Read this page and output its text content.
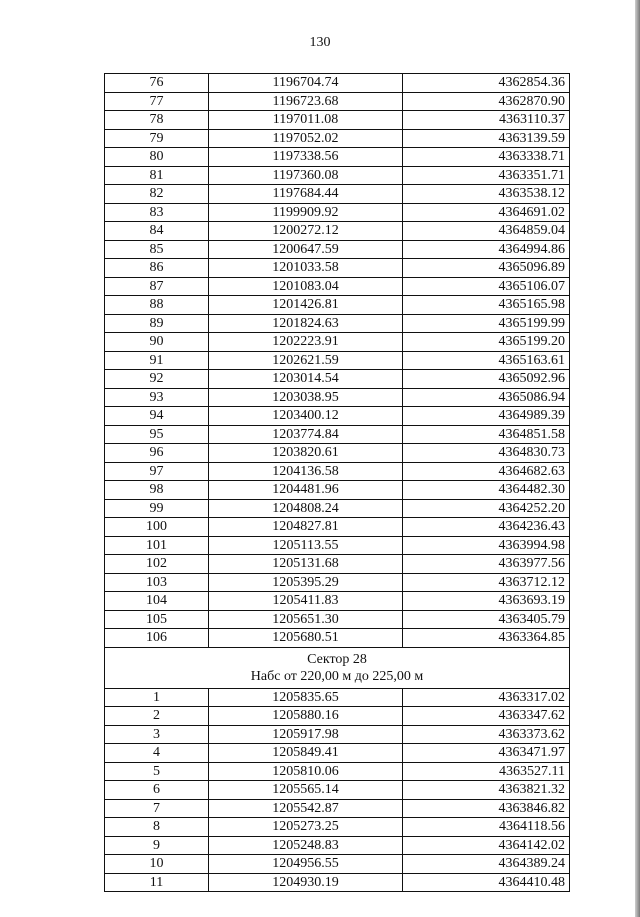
130
76	1196704.74	4362854.36
77	1196723.68	4362870.90
78	1197011.08	4363110.37
79	1197052.02	4363139.59
80	1197338.56	4363338.71
81	1197360.08	4363351.71
82	1197684.44	4363538.12
83	1199909.92	4364691.02
84	1200272.12	4364859.04
85	1200647.59	4364994.86
86	1201033.58	4365096.89
87	1201083.04	4365106.07
88	1201426.81	4365165.98
89	1201824.63	4365199.99
90	1202223.91	4365199.20
91	1202621.59	4365163.61
92	1203014.54	4365092.96
93	1203038.95	4365086.94
94	1203400.12	4364989.39
95	1203774.84	4364851.58
96	1203820.61	4364830.73
97	1204136.58	4364682.63
98	1204481.96	4364482.30
99	1204808.24	4364252.20
100	1204827.81	4364236.43
101	1205113.55	4363994.98
102	1205131.68	4363977.56
103	1205395.29	4363712.12
104	1205411.83	4363693.19
105	1205651.30	4363405.79
106	1205680.51	4363364.85

Сектор 28
Набс от 220,00 м до 225,00 м		

1	1205835.65	4363317.02
2	1205880.16	4363347.62
3	1205917.98	4363373.62
4	1205849.41	4363471.97
5	1205810.06	4363527.11
6	1205565.14	4363821.32
7	1205542.87	4363846.82
8	1205273.25	4364118.56
9	1205248.83	4364142.02
10	1204956.55	4364389.24
11	1204930.19	4364410.48
